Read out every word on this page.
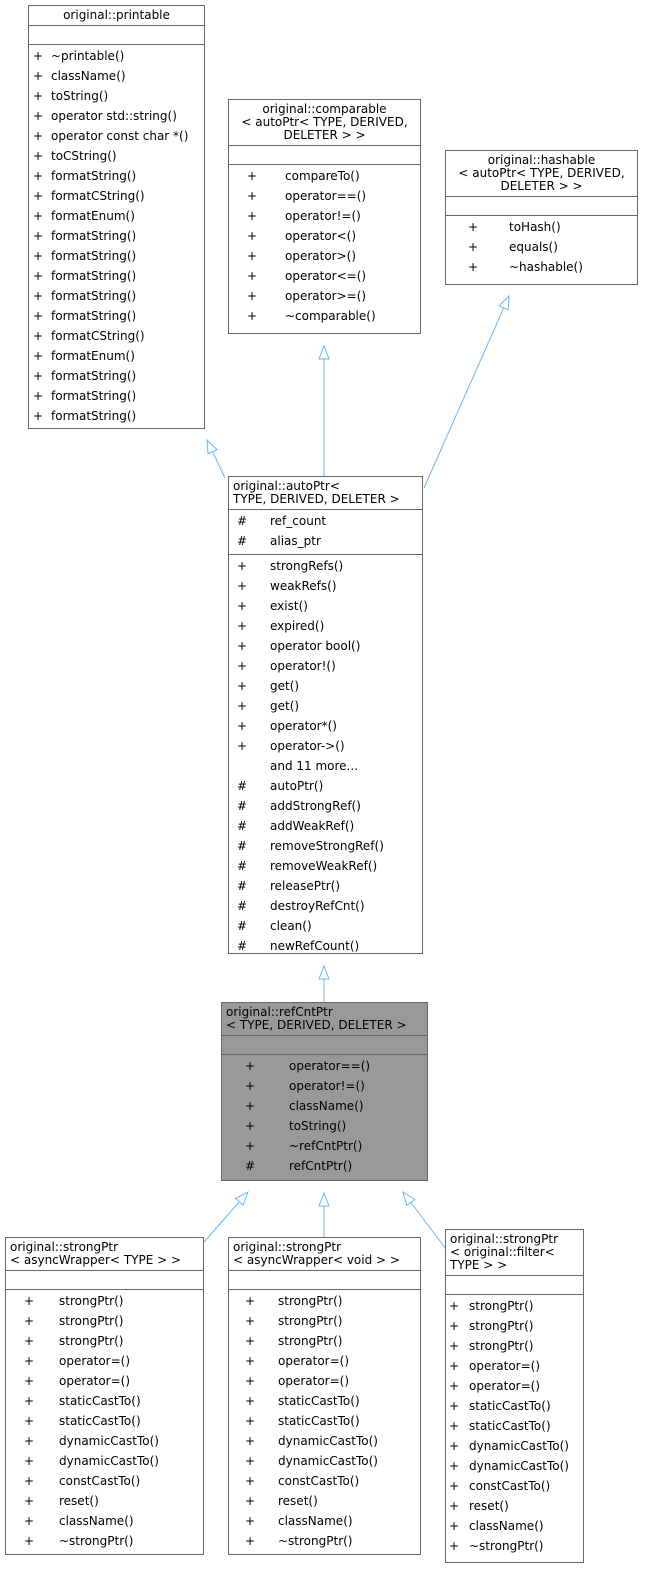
original::printable
+ ~printable()
+ className()
+ toString()
+ operator std::string()
+ operator const char *()
+ toCString()
+ formatString()
+ formatCString()
+ formatEnum()
+ formatString()
+ formatString()
+ formatString()
+ formatString()
+ formatString()
+ formatCString()
+ formatEnum()
+ formatString()
+ formatString()
+ formatString()
original::comparable
< autoPtr< TYPE, DERIVED,
DELETER > >
+ compareTo()
+ operator==()
+ operator!=()
+ operator<()
+ operator>()
+ operator<=()
+ operator>=()
+ ~comparable()
original::hashable
< autoPtr< TYPE, DERIVED,
DELETER > >
+	toHash()
+	equals()
+	~hashable()
original::autoPtr<
TYPE, DERIVED, DELETER >
# ref_count
# alias_ptr
+ strongRefs()
+ weakRefs()
+ exist()
+ expired()
+ operator bool()
+ operator!()
+ get()
+ get()
+ operator*()
+ operator->()
and 11 more...
# autoPtr()
# addStrongRef()
# addWeakRef()
# removeStrongRef()
# removeWeakRef()
# releasePtr()
# destroyRefCnt()
# clean()
# newRefCount()
original::refCntPtr
< TYPE, DERIVED, DELETER >
+	operator==()
+	operator!=()
+	className()
+	toString()
+	~refCntPtr()
#	refCntPtr()
original::strongPtr
< asyncWrapper< TYPE > >
+ strongPtr()
+ strongPtr()
+ strongPtr()
+ operator=()
+ operator=()
+ staticCastTo()
+ staticCastTo()
+ dynamicCastTo()
+ dynamicCastTo()
+ constCastTo()
+ reset()
+ className()
+ ~strongPtr()
original::strongPtr
< asyncWrapper< void > >
+ strongPtr()
+ strongPtr()
+ strongPtr()
+ operator=()
+ operator=()
+ staticCastTo()
+ staticCastTo()
+ dynamicCastTo()
+ dynamicCastTo()
+ constCastTo()
+ reset()
+ className()
+ ~strongPtr()
original::strongPtr
< original::filter<
TYPE > >
+ strongPtr()
+ strongPtr()
+ strongPtr()
+ operator=()
+ operator=()
+ staticCastTo()
+ staticCastTo()
+ dynamicCastTo()
+ dynamicCastTo()
+ constCastTo()
+ reset()
+ className()
+ ~strongPtr()
